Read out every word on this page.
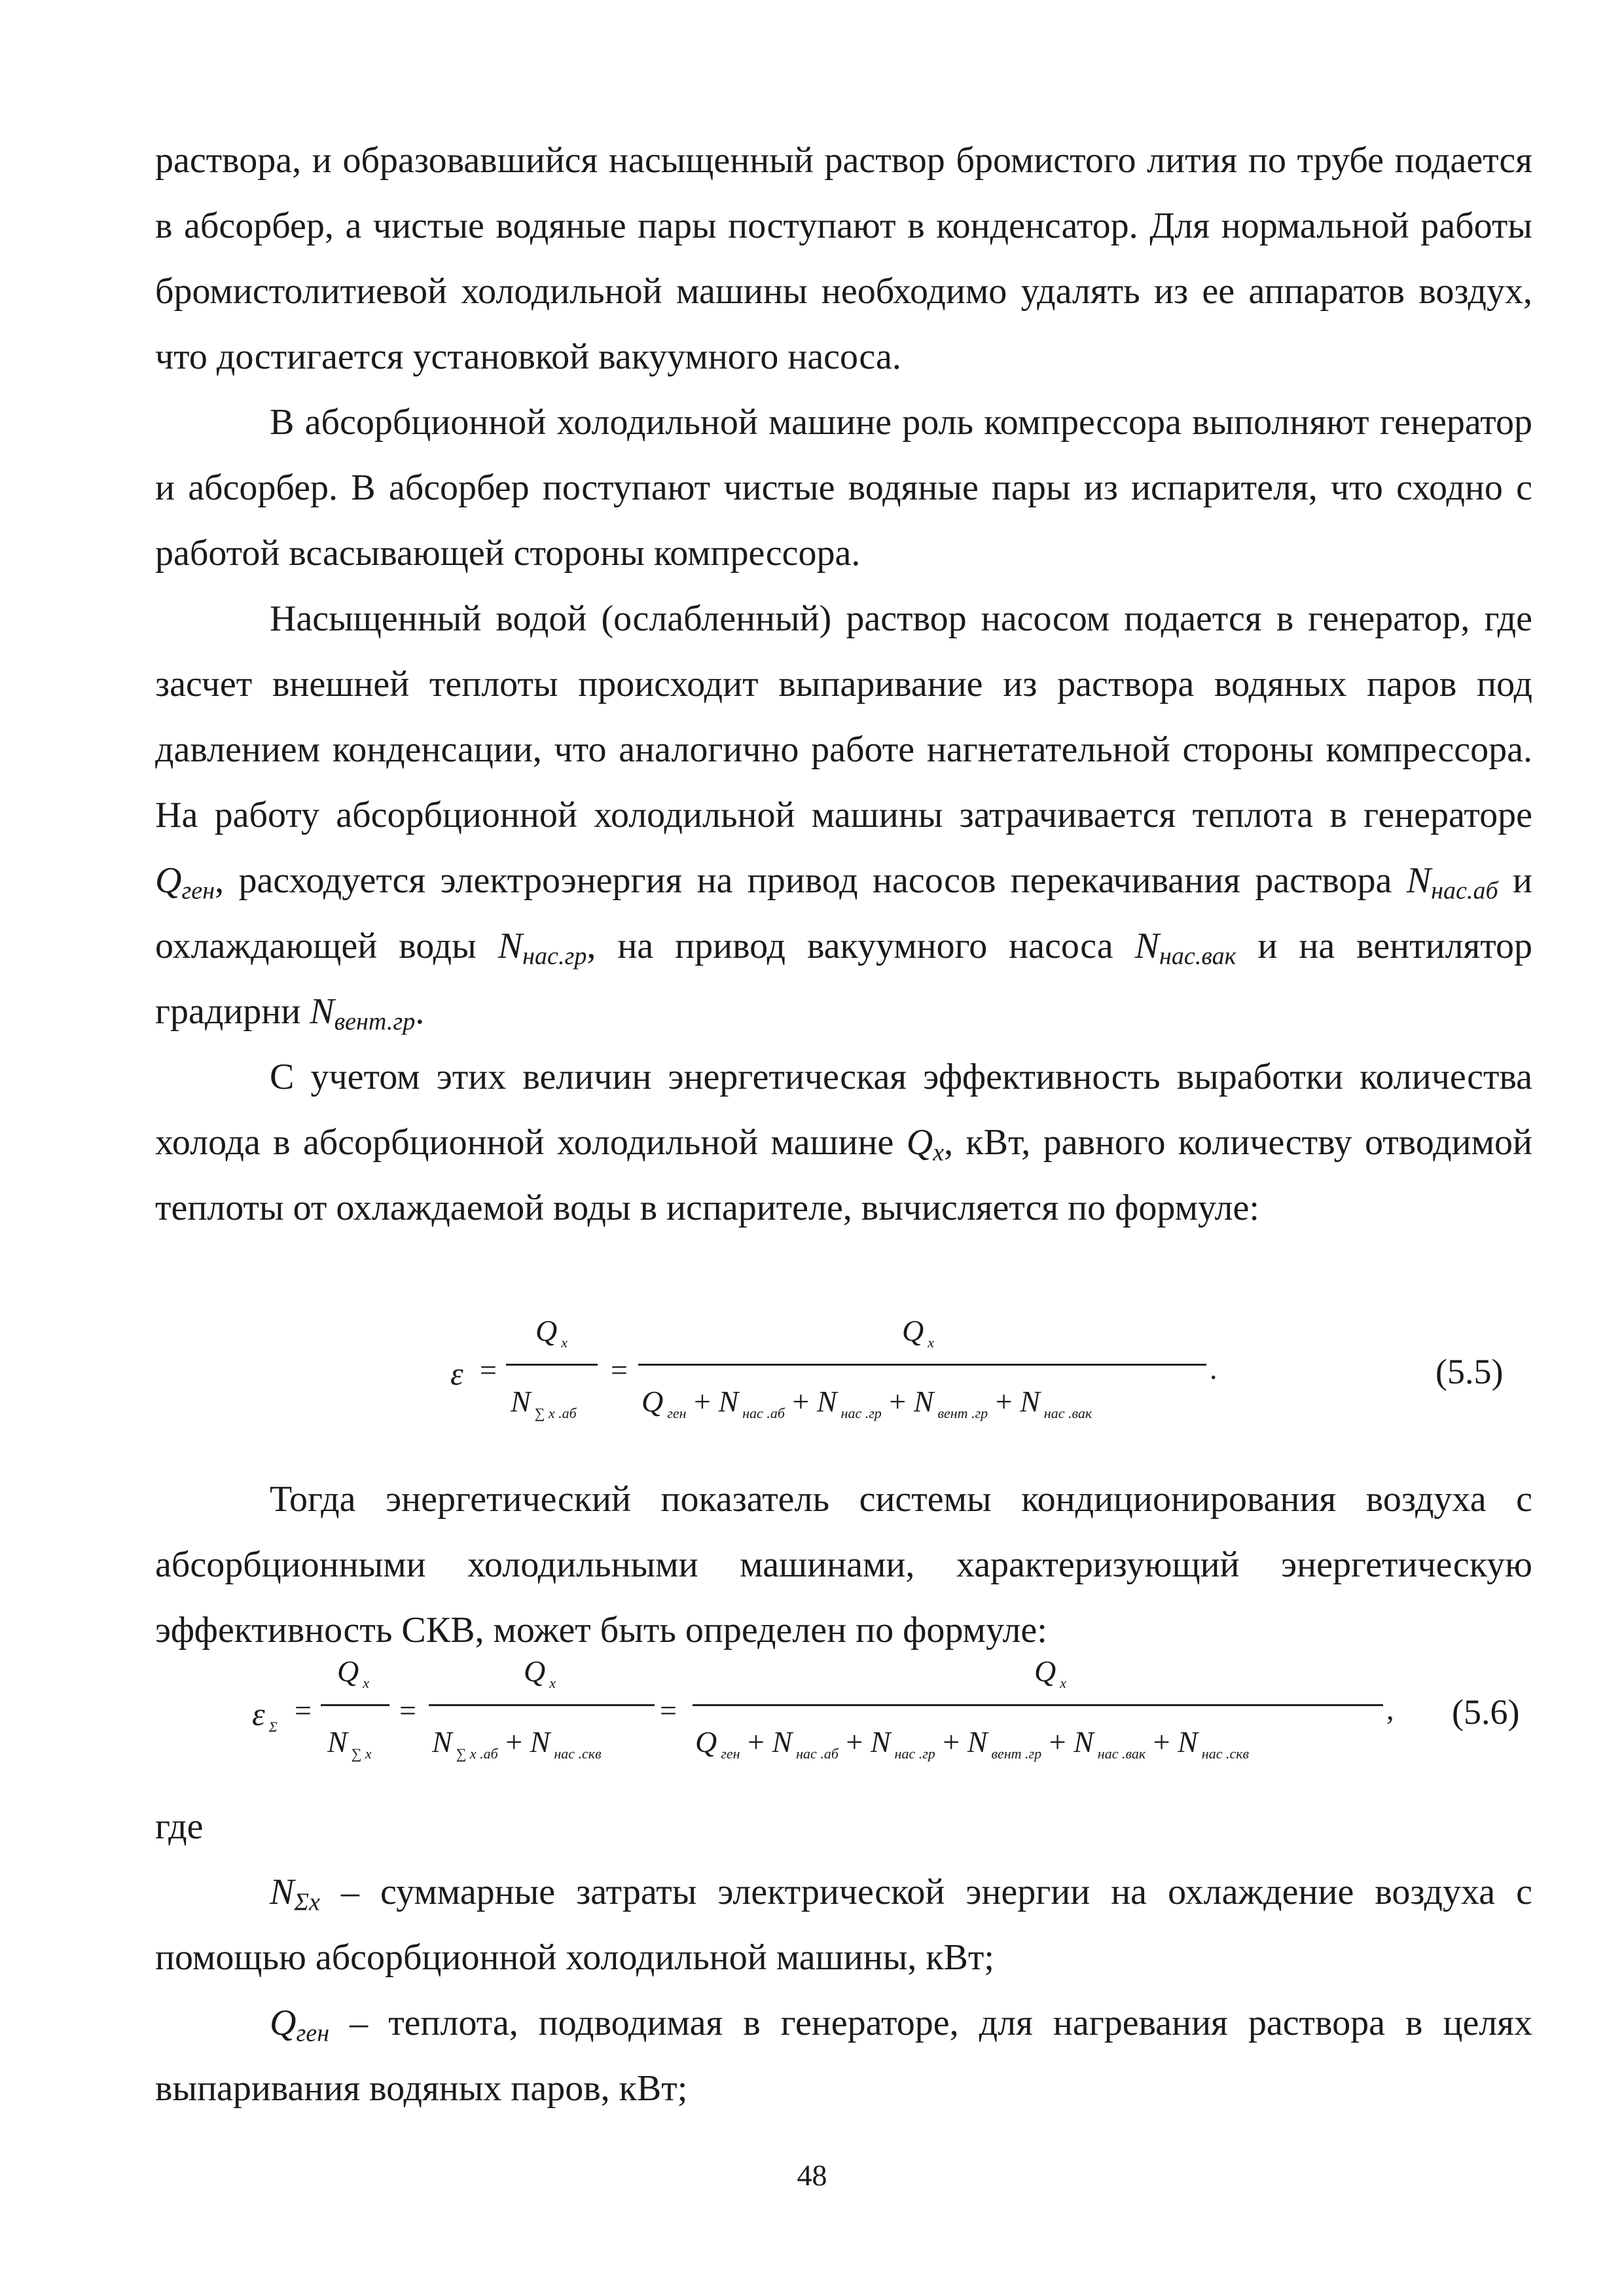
раствора, и образовавшийся насыщенный раствор бромистого лития по трубе подается в абсорбер, а чистые водяные пары поступают в конденсатор. Для нормальной работы бромистолитиевой холодильной машины необходимо удалять из ее аппаратов воздух, что достигается установкой вакуумного насоса.

В абсорбционной холодильной машине роль компрессора выполняют генератор и абсорбер. В абсорбер поступают чистые водяные пары из испарителя, что сходно с работой всасывающей стороны компрессора.

Насыщенный водой (ослабленный) раствор насосом подается в генератор, где засчет внешней теплоты происходит выпаривание из раствора водяных паров под давлением конденсации, что аналогично работе нагнетательной стороны компрессора. На работу абсорбционной холодильной машины затрачивается теплота в генераторе $Q_{ген}$, расходуется электроэнергия на привод насосов перекачивания раствора $N_{нас.аб}$ и охлаждающей воды $N_{нас.гр}$, на привод вакуумного насоса $N_{нас.вак}$ и на вентилятор градирни $N_{вент.гр}$.

С учетом этих величин энергетическая эффективность выработки количества холода в абсорбционной холодильной машине $Q_x$, кВт, равного количеству отводимой теплоты от охлаждаемой воды в испарителе, вычисляется по формуле:

ε =
Q $_x$
N $_{\sum x .аб}$
=
Q $_x$
Q $_{ген}$ + N $_{нас .аб}$ + N $_{нас .гр}$ + N $_{вент .гр}$ + N $_{нас .вак}$
.	(5.5)

Тогда энергетический показатель системы кондиционирования воздуха с абсорбционными холодильными машинами, характеризующий энергетическую эффективность СКВ, может быть определен по формуле:

ε $_\Sigma$ =
Q $_x$
N $_{\sum x}$
=
Q $_x$
N $_{\sum x .аб}$ + N $_{нас .скв}$
=
Q $_x$
Q $_{ген}$ + N $_{нас .аб}$ + N $_{нас .гр}$ + N $_{вент .гр}$ + N $_{нас .вак}$ + N $_{нас .скв}$
, (5.6)

где

$N_{\Sigma x}$ – суммарные затраты электрической энергии на охлаждение воздуха с помощью абсорбционной холодильной машины, кВт;

$Q_{ген}$ – теплота, подводимая в генераторе, для нагревания раствора в целях выпаривания водяных паров, кВт;

48
